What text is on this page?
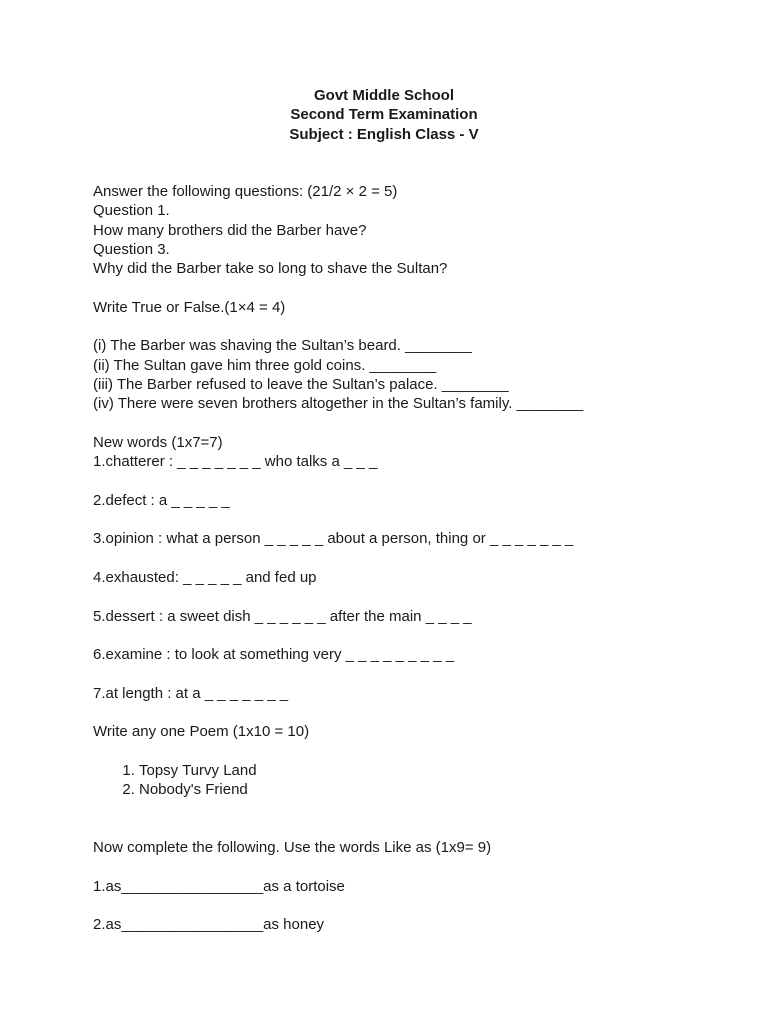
Govt Middle School
Second Term Examination
Subject : English Class - V
Answer the following questions: (21/2 × 2 = 5)
Question 1.
How many brothers did the Barber have?
Question 3.
Why did the Barber take so long to shave the Sultan?
Write True or False.(1×4 = 4)
(i) The Barber was shaving the Sultan’s beard. ________
(ii) The Sultan gave him three gold coins. ________
(iii) The Barber refused to leave the Sultan’s palace. ________
(iv) There were seven brothers altogether in the Sultan’s family. ________
New words (1x7=7)
1.chatterer : _ _ _ _ _ _ _ who talks a _ _ _
2.defect : a _ _ _ _ _
3.opinion : what a person _ _ _ _ _ about a person, thing or _ _ _ _ _ _ _
4.exhausted: _ _ _ _ _ and fed up
5.dessert : a sweet dish _ _ _ _ _ _ after the main _ _ _ _
6.examine : to look at something very _ _ _ _ _ _ _ _ _
7.at length : at a _ _ _ _ _ _ _
Write any one Poem (1x10 = 10)
1. Topsy Turvy Land
2. Nobody's Friend
Now complete the following. Use the words Like as (1x9= 9)
1.as_________________as a tortoise
2.as_________________as honey
